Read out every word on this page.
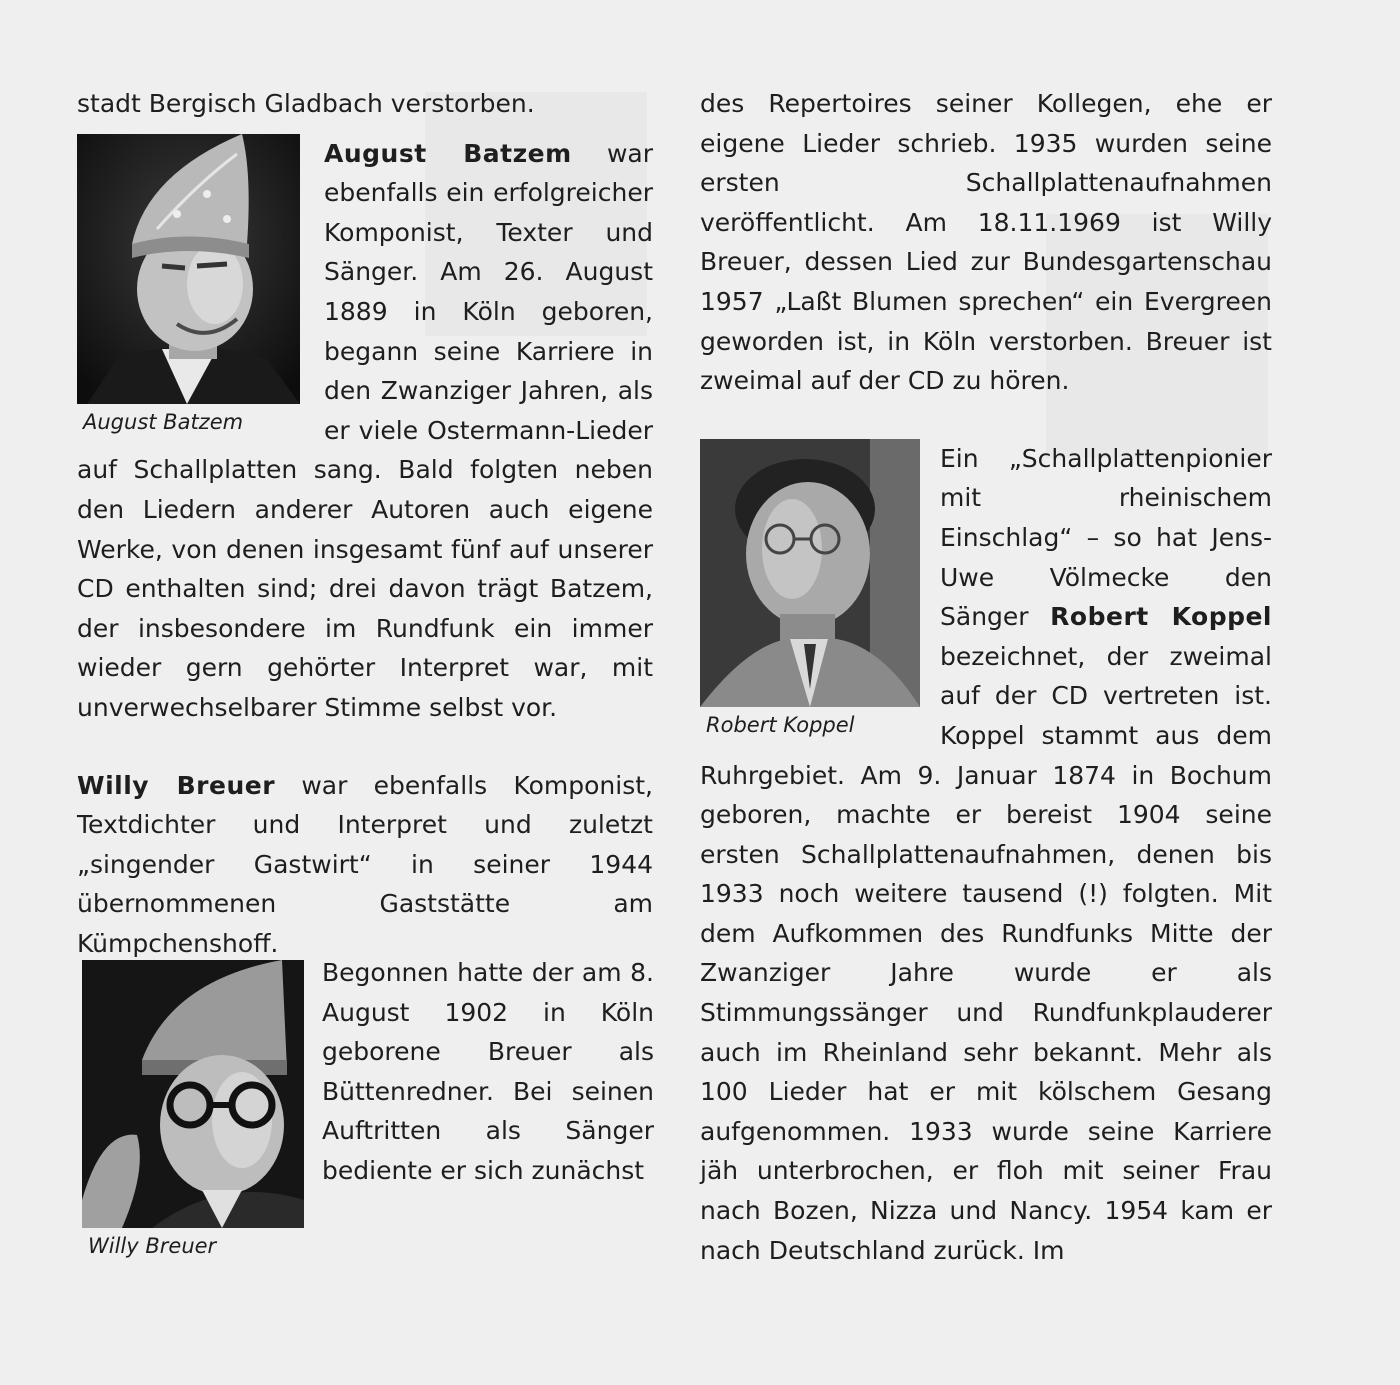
stadt Bergisch Gladbach verstorben.

August Batzem

August Batzem war ebenfalls ein erfolgreicher Komponist, Texter und Sänger. Am 26. August 1889 in Köln geboren, begann seine Karriere in den Zwanziger Jahren, als er viele Ostermann-Lieder auf Schallplatten sang. Bald folgten neben den Liedern anderer Autoren auch eigene Werke, von denen insgesamt fünf auf unserer CD enthalten sind; drei davon trägt Batzem, der insbesondere im Rundfunk ein immer wieder gern gehörter Interpret war, mit unverwechselbarer Stimme selbst vor.

Willy Breuer war ebenfalls Komponist, Textdichter und Interpret und zuletzt „singender Gastwirt“ in seiner 1944 übernommenen Gaststätte am Kümpchenshoff.

Willy Breuer

Begonnen hatte der am 8. August 1902 in Köln geborene Breuer als Büttenredner. Bei seinen Auftritten als Sänger bediente er sich zunächst

des Repertoires seiner Kollegen, ehe er eigene Lieder schrieb. 1935 wurden seine ersten Schallplattenaufnahmen veröffentlicht. Am 18.11.1969 ist Willy Breuer, dessen Lied zur Bundesgartenschau 1957 „Laßt Blumen sprechen“ ein Evergreen geworden ist, in Köln verstorben. Breuer ist zweimal auf der CD zu hören.

Robert Koppel

Ein „Schallplattenpionier mit rheinischem Einschlag“ – so hat Jens-Uwe Völmecke den Sänger Robert Koppel bezeichnet, der zweimal auf der CD vertreten ist. Koppel stammt aus dem Ruhrgebiet. Am 9. Januar 1874 in Bochum geboren, machte er bereist 1904 seine ersten Schallplattenaufnahmen, denen bis 1933 noch weitere tausend (!) folgten. Mit dem Aufkommen des Rundfunks Mitte der Zwanziger Jahre wurde er als Stimmungssänger und Rundfunkplauderer auch im Rheinland sehr bekannt. Mehr als 100 Lieder hat er mit kölschem Gesang aufgenommen. 1933 wurde seine Karriere jäh unterbrochen, er floh mit seiner Frau nach Bozen, Nizza und Nancy. 1954 kam er nach Deutschland zurück. Im
